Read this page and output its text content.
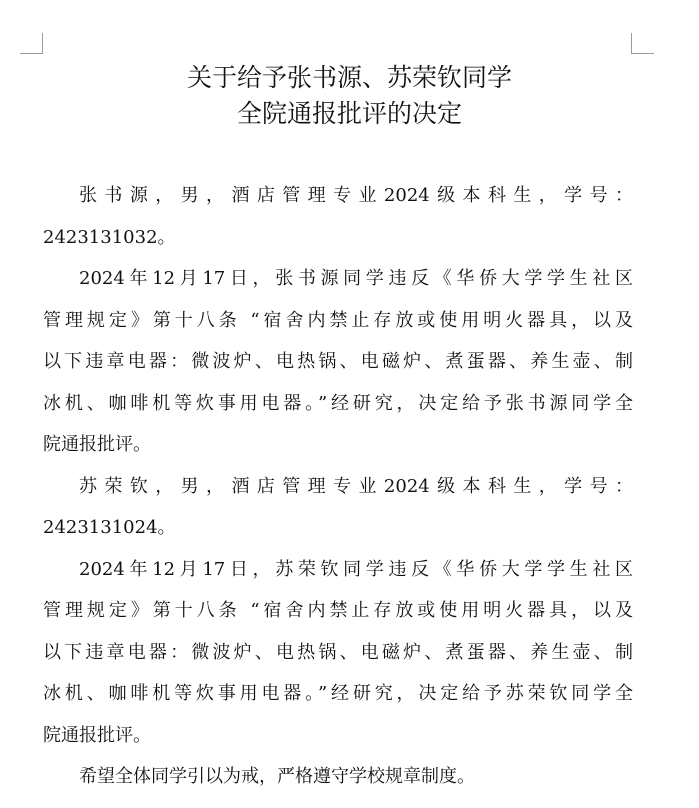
关于给予张书源、苏荣钦同学
全院通报批评的决定
张书源，男，酒店管理专业2024级本科生，学号：
2423131032。
2024年12月17日，张书源同学违反《华侨大学学生社区
管理规定》第十八条 “宿舍内禁止存放或使用明火器具，以及
以下违章电器：微波炉、电热锅、电磁炉、煮蛋器、养生壶、制
冰机、咖啡机等炊事用电器。”经研究，决定给予张书源同学全
院通报批评。
苏荣钦，男，酒店管理专业2024级本科生，学号：
2423131024。
2024年12月17日，苏荣钦同学违反《华侨大学学生社区
管理规定》第十八条 “宿舍内禁止存放或使用明火器具，以及
以下违章电器：微波炉、电热锅、电磁炉、煮蛋器、养生壶、制
冰机、咖啡机等炊事用电器。”经研究，决定给予苏荣钦同学全
院通报批评。
希望全体同学引以为戒，严格遵守学校规章制度。
